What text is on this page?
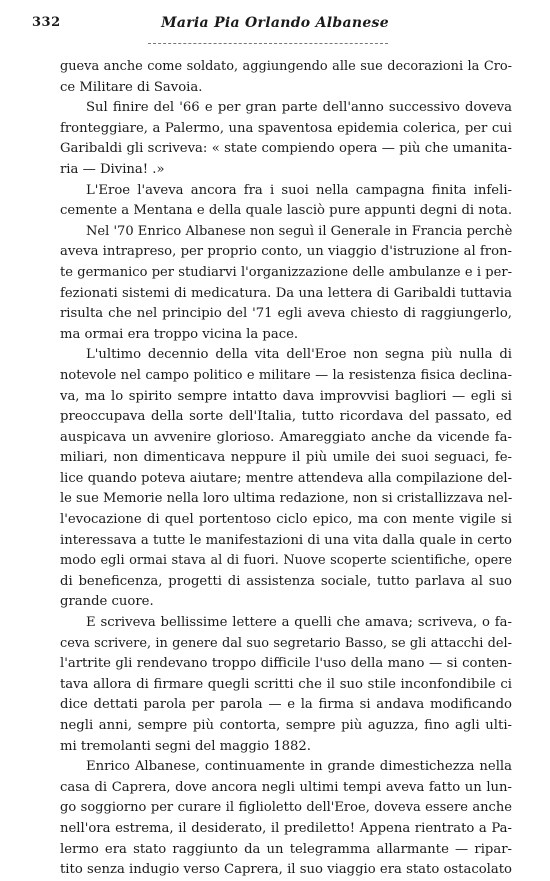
332	Maria Pia Orlando Albanese
gueva anche come soldato, aggiungendo alle sue decorazioni la Cro-
ce Militare di Savoia.
Sul finire del '66 e per gran parte dell'anno successivo doveva
fronteggiare, a Palermo, una spaventosa epidemia colerica, per cui
Garibaldi gli scriveva: « state compiendo opera — più che umanita-
ria — Divina! .»
L'Eroe l'aveva ancora fra i suoi nella campagna finita infeli-
cemente a Mentana e della quale lasciò pure appunti degni di nota.
Nel '70 Enrico Albanese non seguì il Generale in Francia perchè
aveva intrapreso, per proprio conto, un viaggio d'istruzione al fron-
te germanico per studiarvi l'organizzazione delle ambulanze e i per-
fezionati sistemi di medicatura. Da una lettera di Garibaldi tuttavia
risulta che nel principio del '71 egli aveva chiesto di raggiungerlo,
ma ormai era troppo vicina la pace.
L'ultimo decennio della vita dell'Eroe non segna più nulla di
notevole nel campo politico e militare — la resistenza fisica declina-
va, ma lo spirito sempre intatto dava improvvisi bagliori — egli si
preoccupava della sorte dell'Italia, tutto ricordava del passato, ed
auspicava un avvenire glorioso. Amareggiato anche da vicende fa-
miliari, non dimenticava neppure il più umile dei suoi seguaci, fe-
lice quando poteva aiutare; mentre attendeva alla compilazione del-
le sue Memorie nella loro ultima redazione, non si cristallizzava nel-
l'evocazione di quel portentoso ciclo epico, ma con mente vigile si
interessava a tutte le manifestazioni di una vita dalla quale in certo
modo egli ormai stava al di fuori. Nuove scoperte scientifiche, opere
di beneficenza, progetti di assistenza sociale, tutto parlava al suo
grande cuore.
E scriveva bellissime lettere a quelli che amava; scriveva, o fa-
ceva scrivere, in genere dal suo segretario Basso, se gli attacchi del-
l'artrite gli rendevano troppo difficile l'uso della mano — si conten-
tava allora di firmare quegli scritti che il suo stile inconfondibile ci
dice dettati parola per parola — e la firma si andava modificando
negli anni, sempre più contorta, sempre più aguzza, fino agli ulti-
mi tremolanti segni del maggio 1882.
Enrico Albanese, continuamente in grande dimestichezza nella
casa di Caprera, dove ancora negli ultimi tempi aveva fatto un lun-
go soggiorno per curare il figlioletto dell'Eroe, doveva essere anche
nell'ora estrema, il desiderato, il prediletto! Appena rientrato a Pa-
lermo era stato raggiunto da un telegramma allarmante — ripar-
tito senza indugio verso Caprera, il suo viaggio era stato ostacolato
